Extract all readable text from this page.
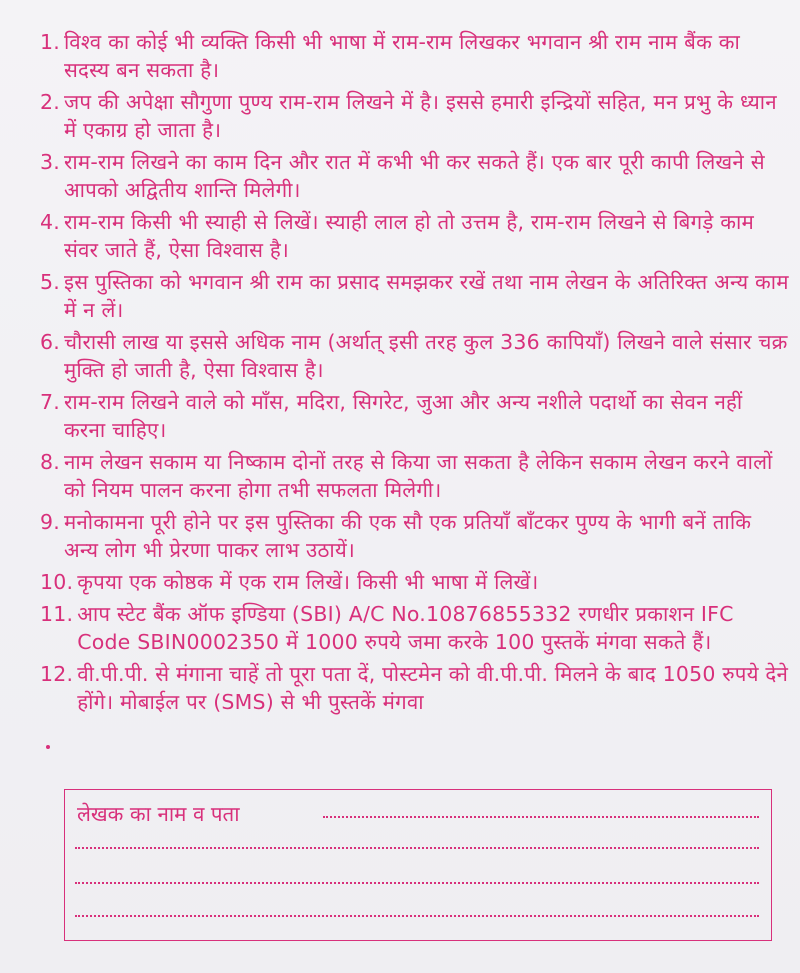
1. विश्व का कोई भी व्यक्ति किसी भी भाषा में राम-राम लिखकर भगवान श्री राम नाम बैंक का सदस्य बन सकता है।
2. जप की अपेक्षा सौगुणा पुण्य राम-राम लिखने में है। इससे हमारी इन्द्रियों सहित, मन प्रभु के ध्यान में एकाग्र हो जाता है।
3. राम-राम लिखने का काम दिन और रात में कभी भी कर सकते हैं। एक बार पूरी कापी लिखने से आपको अद्वितीय शान्ति मिलेगी।
4. राम-राम किसी भी स्याही से लिखें। स्याही लाल हो तो उत्तम है, राम-राम लिखने से बिगड़े काम संवर जाते हैं, ऐसा विश्वास है।
5. इस पुस्तिका को भगवान श्री राम का प्रसाद समझकर रखें तथा नाम लेखन के अतिरिक्त अन्य काम में न लें।
6. चौरासी लाख या इससे अधिक नाम (अर्थात् इसी तरह कुल 336 कापियाँ) लिखने वाले संसार चक्र मुक्ति हो जाती है, ऐसा विश्वास है।
7. राम-राम लिखने वाले को माँस, मदिरा, सिगरेट, जुआ और अन्य नशीले पदार्थो का सेवन नहीं करना चाहिए।
8. नाम लेखन सकाम या निष्काम दोनों तरह से किया जा सकता है लेकिन सकाम लेखन करने वालों को नियम पालन करना होगा तभी सफलता मिलेगी।
9. मनोकामना पूरी होने पर इस पुस्तिका की एक सौ एक प्रतियाँ बाँटकर पुण्य के भागी बनें ताकि अन्य लोग भी प्रेरणा पाकर लाभ उठायें।
10. कृपया एक कोष्ठक में एक राम लिखें। किसी भी भाषा में लिखें।
11. आप स्टेट बैंक ऑफ इण्डिया (SBI) A/C No.10876855332 रणधीर प्रकाशन IFC Code SBIN0002350 में 1000 रुपये जमा करके 100 पुस्तकें मंगवा सकते हैं।
12. वी.पी.पी. से मंगाना चाहें तो पूरा पता दें, पोस्टमेन को वी.पी.पी. मिलने के बाद 1050 रुपये देने होंगे। मोबाईल पर (SMS) से भी पुस्तकें मंगवा
लेखक का नाम व पता
